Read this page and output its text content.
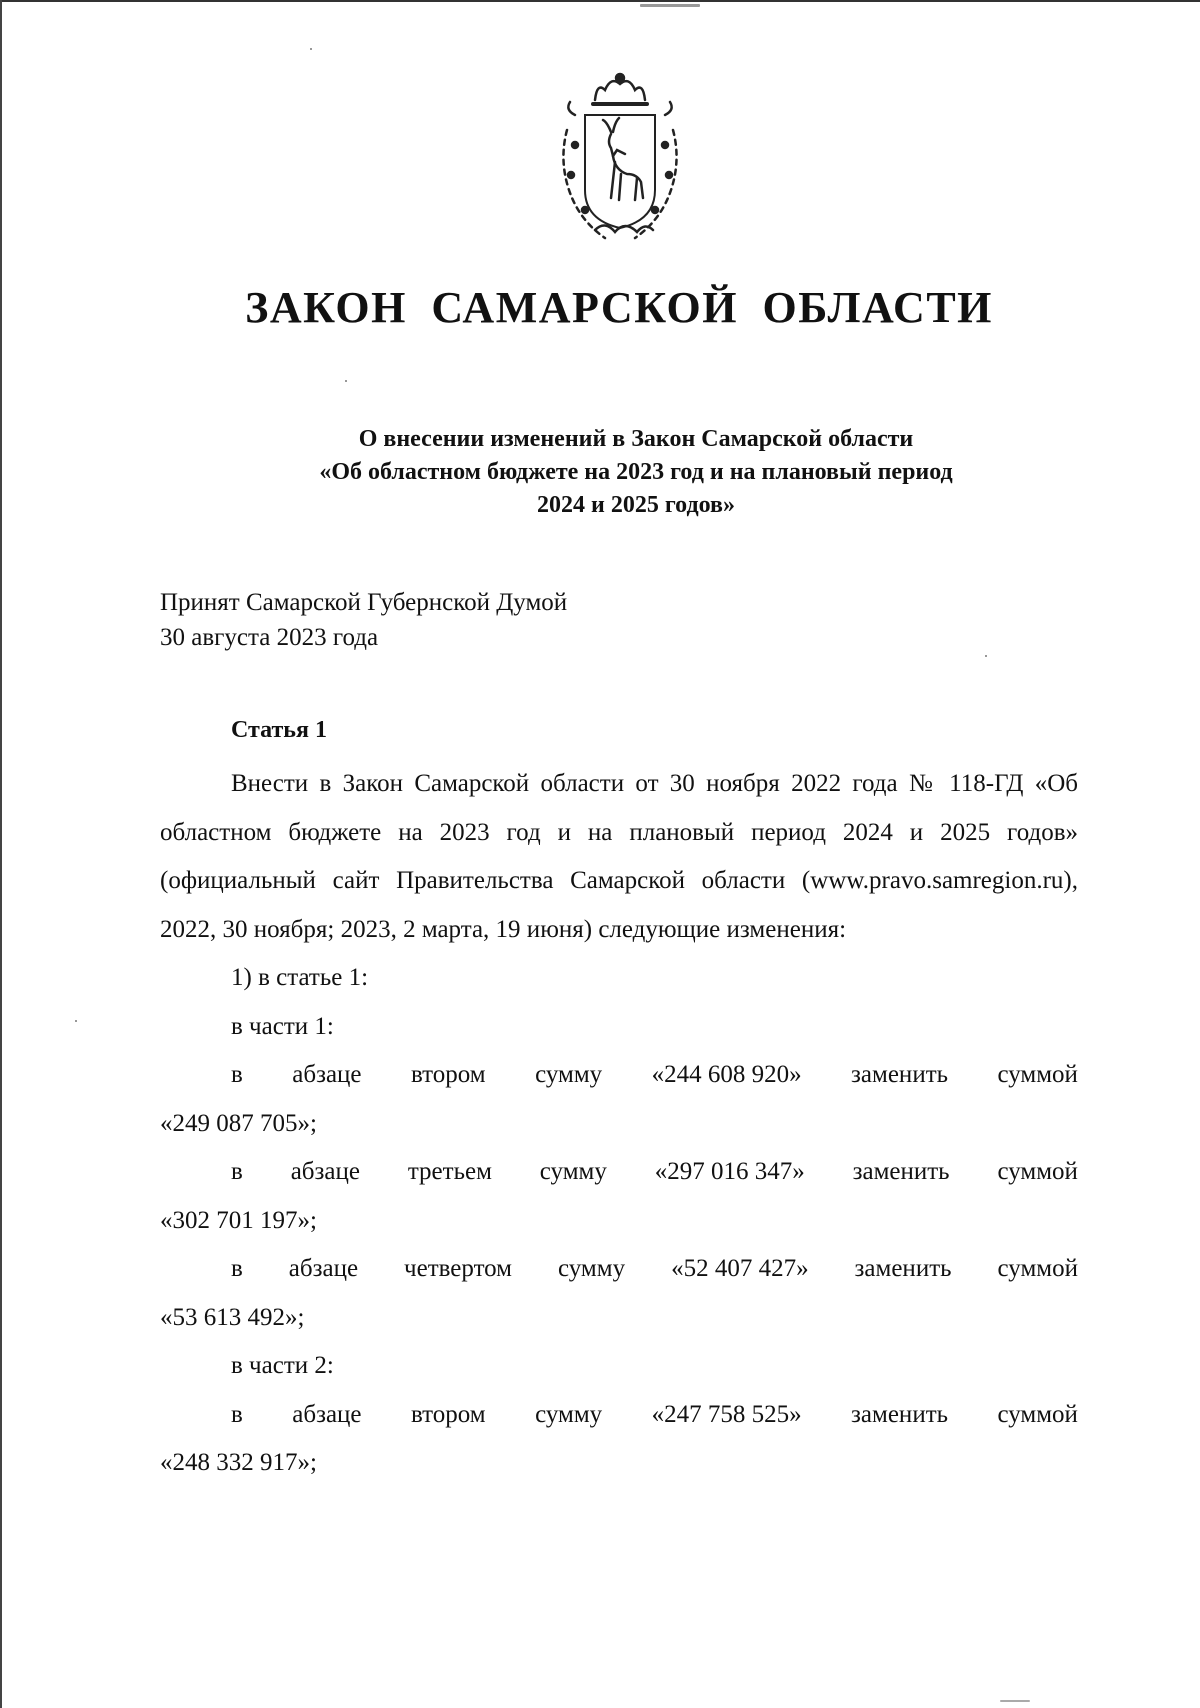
ЗАКОН САМАРСКОЙ ОБЛАСТИ
О внесении изменений в Закон Самарской области
«Об областном бюджете на 2023 год и на плановый период
2024 и 2025 годов»
Принят Самарской Губернской Думой
30 августа 2023 года
Статья 1

Внести в Закон Самарской области от 30 ноября 2022 года № 118-ГД «Об областном бюджете на 2023 год и на плановый период 2024 и 2025 годов» (официальный сайт Правительства Самарской области (www.pravo.samregion.ru), 2022, 30 ноября; 2023, 2 марта, 19 июня) следующие изменения:

1) в статье 1:

в части 1:

в абзаце втором сумму «244 608 920» заменить суммой
«249 087 705»;
в абзаце третьем сумму «297 016 347» заменить суммой
«302 701 197»;
в абзаце четвертом сумму «52 407 427» заменить суммой
«53 613 492»;

в части 2:

в абзаце втором сумму «247 758 525» заменить суммой
«248 332 917»;
